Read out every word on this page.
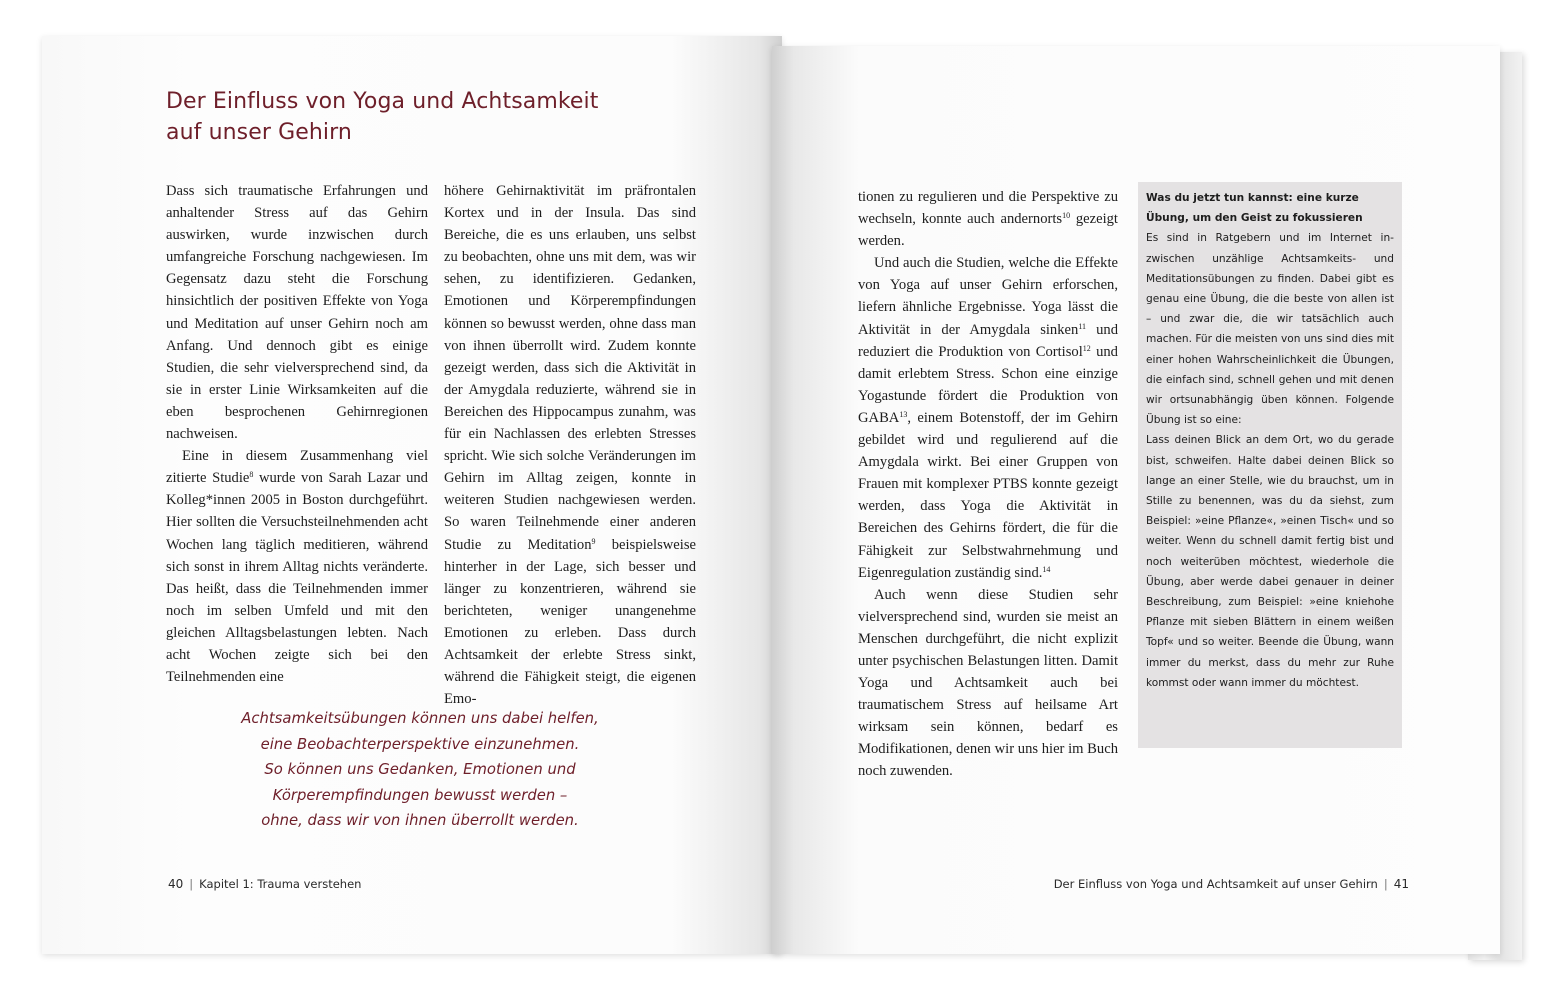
Der Einfluss von Yoga und Achtsamkeit auf unser Gehirn

Dass sich traumatische Erfahrungen und anhaltender Stress auf das Gehirn auswirken, wurde inzwischen durch umfangreiche Forschung nachgewiesen. Im Gegensatz dazu steht die Forschung hinsichtlich der positiven Effekte von Yoga und Meditation auf unser Gehirn noch am Anfang. Und dennoch gibt es einige Studien, die sehr vielversprechend sind, da sie in erster Linie Wirksamkeiten auf die eben besprochenen Gehirnregionen nachweisen.

Eine in diesem Zusammenhang viel zitierte Studie$^8$ wurde von Sarah Lazar und Kolleg*innen 2005 in Boston durchgeführt. Hier sollten die Versuchsteilnehmenden acht Wochen lang täglich meditieren, während sich sonst in ihrem Alltag nichts veränderte. Das heißt, dass die Teilnehmenden immer noch im selben Umfeld und mit den gleichen Alltagsbelastungen lebten. Nach acht Wochen zeigte sich bei den Teilnehmenden eine

höhere Gehirnaktivität im präfrontalen Kortex und in der Insula. Das sind Bereiche, die es uns erlauben, uns selbst zu beobachten, ohne uns mit dem, was wir sehen, zu identifizieren. Gedanken, Emotionen und Körperempfindungen können so bewusst werden, ohne dass man von ihnen überrollt wird. Zudem konnte gezeigt werden, dass sich die Aktivität in der Amygdala reduzierte, während sie in Bereichen des Hippocampus zunahm, was für ein Nachlassen des erlebten Stresses spricht. Wie sich solche Veränderungen im Gehirn im Alltag zeigen, konnte in weiteren Studien nachgewiesen werden. So waren Teilnehmende einer anderen Studie zu Meditation$^9$ beispielsweise hinterher in der Lage, sich besser und länger zu konzentrieren, während sie berichteten, weniger unangenehme Emotionen zu erleben. Dass durch Achtsamkeit der erlebte Stress sinkt, während die Fähigkeit steigt, die eigenen Emo-

Achtsamkeitsübungen können uns dabei helfen,
eine Beobachterperspektive einzunehmen.
So können uns Gedanken, Emotionen und
Körperempfindungen bewusst werden –
ohne, dass wir von ihnen überrollt werden.
40 | Kapitel 1: Trauma verstehen

tionen zu regulieren und die Perspektive zu wechseln, konnte auch andernorts$^{10}$ gezeigt werden.

Und auch die Studien, welche die Effekte von Yoga auf unser Gehirn erforschen, liefern ähnliche Ergebnisse. Yoga lässt die Aktivität in der Amygdala sinken$^{11}$ und reduziert die Produktion von Cortisol$^{12}$ und damit erlebtem Stress. Schon eine einzige Yogastunde fördert die Produktion von GABA$^{13}$, einem Botenstoff, der im Gehirn gebildet wird und regulierend auf die Amygdala wirkt. Bei einer Gruppen von Frauen mit komplexer PTBS konnte gezeigt werden, dass Yoga die Aktivität in Bereichen des Gehirns fördert, die für die Fähigkeit zur Selbstwahrnehmung und Eigenregulation zuständig sind.$^{14}$

Auch wenn diese Studien sehr vielversprechend sind, wurden sie meist an Menschen durchgeführt, die nicht explizit unter psychischen Belastungen litten. Damit Yoga und Achtsamkeit auch bei traumatischem Stress auf heilsame Art wirksam sein können, bedarf es Modifikationen, denen wir uns hier im Buch noch zuwenden.

Was du jetzt tun kannst: eine kurze Übung, um den Geist zu fokussieren

Es sind in Ratgebern und im Internet inzwischen unzählige Achtsamkeits- und Meditationsübungen zu finden. Dabei gibt es genau eine Übung, die die beste von allen ist – und zwar die, die wir tatsächlich auch machen. Für die meisten von uns sind dies mit einer hohen Wahrscheinlichkeit die Übungen, die einfach sind, schnell gehen und mit denen wir ortsunabhängig üben können. Folgende Übung ist so eine:

Lass deinen Blick an dem Ort, wo du gerade bist, schweifen. Halte dabei deinen Blick so lange an einer Stelle, wie du brauchst, um in Stille zu benennen, was du da siehst, zum Beispiel: »eine Pflanze«, »einen Tisch« und so weiter. Wenn du schnell damit fertig bist und noch weiterüben möchtest, wiederhole die Übung, aber werde dabei genauer in deiner Beschreibung, zum Beispiel: »eine kniehohe Pflanze mit sieben Blättern in einem weißen Topf« und so weiter. Beende die Übung, wann immer du merkst, dass du mehr zur Ruhe kommst oder wann immer du möchtest.

Der Einfluss von Yoga und Achtsamkeit auf unser Gehirn | 41
